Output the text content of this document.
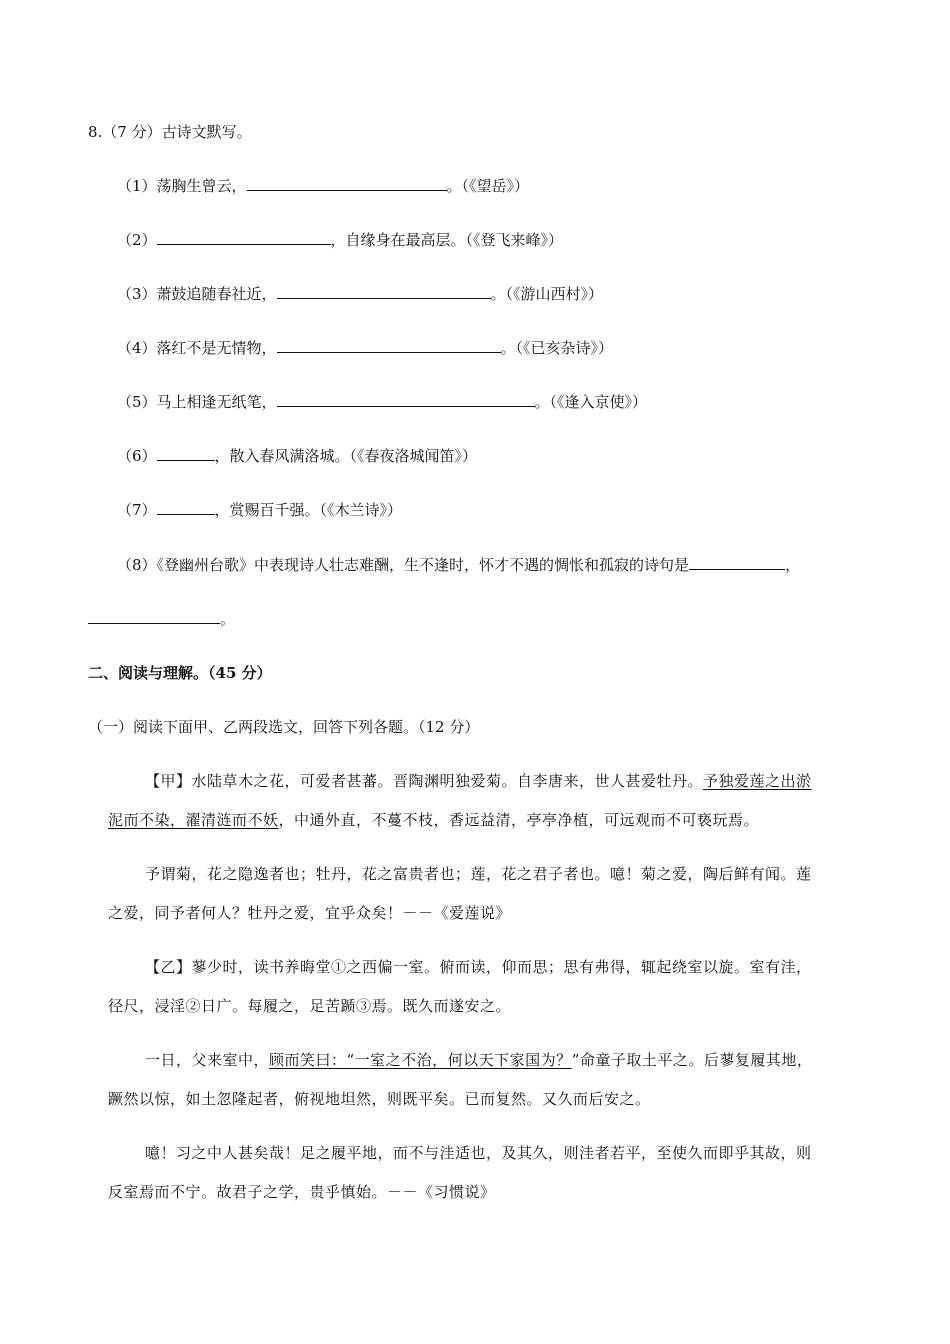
8.（7 分）古诗文默写。
（1）荡胸生曾云，	。（《望岳》）
（2）	，自缘身在最高层。（《登飞来峰》）
（3）萧鼓追随春社近，	。（《游山西村》）
（4）落红不是无情物，	。（《已亥杂诗》）
（5）马上相逢无纸笔，	。（《逢入京使》）
（6）	，散入春风满洛城。（《春夜洛城闻笛》）
（7）	，赏赐百千强。（《木兰诗》）
（8）《登幽州台歌》中表现诗人壮志难酬，生不逢时，怀才不遇的惆怅和孤寂的诗句是	，
。
二、阅读与理解。（45 分）
（一）阅读下面甲、乙两段选文，回答下列各题。（12 分）
【甲】水陆草木之花，可爱者甚蕃。晋陶渊明独爱菊。自李唐来，世人甚爱牡丹。予独爱莲之出淤
泥而不染，濯清涟而不妖，中通外直，不蔓不枝，香远益清，亭亭净植，可远观而不可亵玩焉。
予谓菊，花之隐逸者也；牡丹，花之富贵者也；莲，花之君子者也。噫！菊之爱，陶后鲜有闻。莲
之爱，同予者何人？牡丹之爱，宜乎众矣！－－《爱莲说》
【乙】蓼少时，读书养晦堂①之西偏一室。俯而读，仰而思；思有弗得，辄起绕室以旋。室有洼，
径尺，浸淫②日广。每履之，足苦踬③焉。既久而遂安之。
一日，父来室中，顾而笑曰：“一室之不治，何以天下家国为？”命童子取土平之。后蓼复履其地，
蹶然以惊，如土忽隆起者，俯视地坦然，则既平矣。已而复然。又久而后安之。
噫！习之中人甚矣哉！足之履平地，而不与洼适也，及其久，则洼者若平，至使久而即乎其故，则
反室焉而不宁。故君子之学，贵乎慎始。－－《习惯说》
